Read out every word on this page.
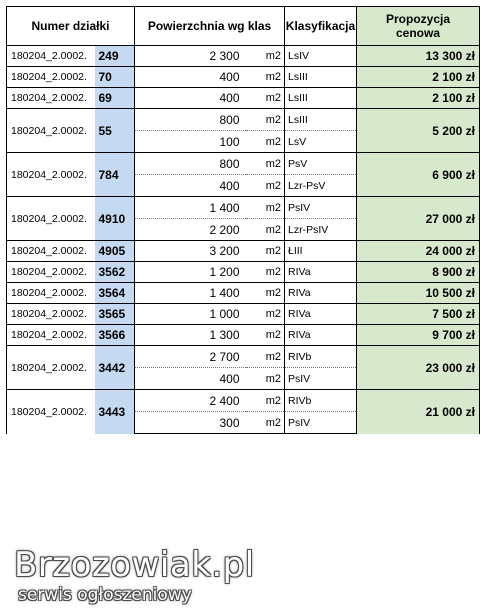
Numer działki		Powierzchnia wg klas		Klasyfikacja	Propozycja cenowa

180204_2.0002.	249	2 300	m2	LsIV	13 300 zł
180204_2.0002.	70	400	m2	LsIII	2 100 zł
180204_2.0002.	69	400	m2	LsIII	2 100 zł
180204_2.0002.	55	800	m2	LsIII	5 200 zł
		100	m2	LsV	
180204_2.0002.	784	800	m2	PsV	6 900 zł
		400	m2	Lzr-PsV	
180204_2.0002.	4910	1 400	m2	PsIV	27 000 zł
		2 200	m2	Lzr-PsIV	
180204_2.0002.	4905	3 200	m2	ŁIII	24 000 zł
180204_2.0002.	3562	1 200	m2	RIVa	8 900 zł
180204_2.0002.	3564	1 400	m2	RIVa	10 500 zł
180204_2.0002.	3565	1 000	m2	RIVa	7 500 zł
180204_2.0002.	3566	1 300	m2	RIVa	9 700 zł
180204_2.0002.	3442	2 700	m2	RIVb	23 000 zł
		400	m2	PsIV	
180204_2.0002.	3443	2 400	m2	RIVb	21 000 zł
		300	m2	PsIV	
Brzozowiak.pl
serwis ogłoszeniowy
